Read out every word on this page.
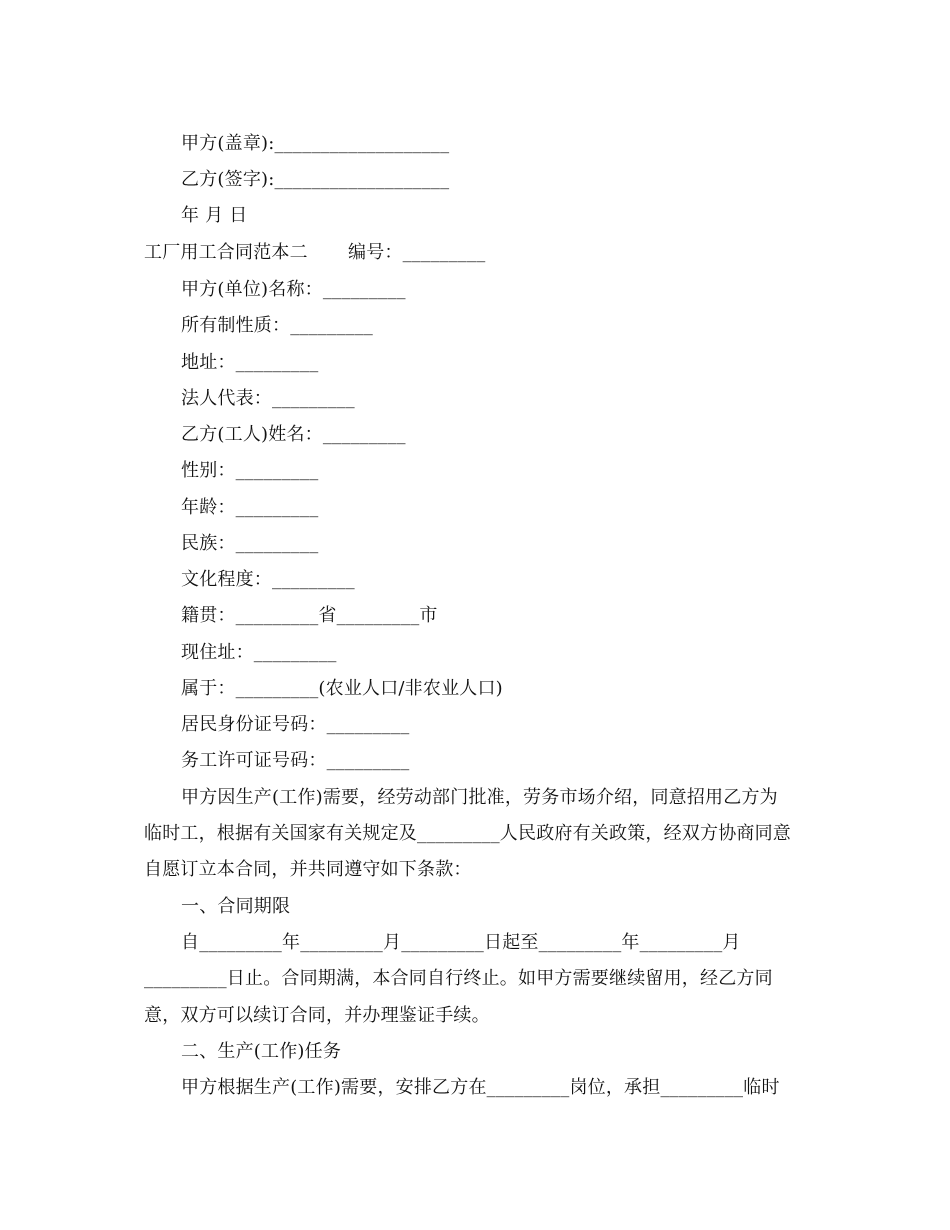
甲方(盖章):___________________
乙方(签字):___________________
年 月 日
工厂用工合同范本二 编号：_________
甲方(单位)名称：_________
所有制性质：_________
地址：_________
法人代表：_________
乙方(工人)姓名：_________
性别：_________
年龄：_________
民族：_________
文化程度：_________
籍贯：_________省_________市
现住址：_________
属于：_________(农业人口/非农业人口)
居民身份证号码：_________
务工许可证号码：_________
甲方因生产(工作)需要，经劳动部门批准，劳务市场介绍，同意招用乙方为
临时工，根据有关国家有关规定及_________人民政府有关政策，经双方协商同意
自愿订立本合同，并共同遵守如下条款：
一、合同期限
自_________年_________月_________日起至_________年_________月
_________日止。合同期满，本合同自行终止。如甲方需要继续留用，经乙方同
意，双方可以续订合同，并办理鉴证手续。
二、生产(工作)任务
甲方根据生产(工作)需要，安排乙方在_________岗位，承担_________临时
